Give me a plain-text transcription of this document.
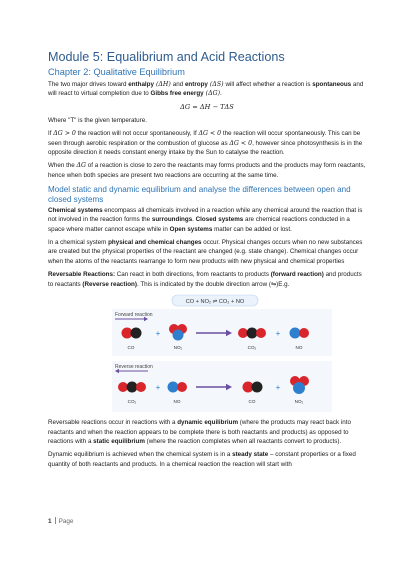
Module 5: Equalibrium and Acid Reactions
Chapter 2: Qualitative Equilibrium

The two major drives toward enthalpy (ΔH) and entropy (ΔS) will affect whether a reaction is spontaneous and will react to virtual completion due to Gibbs free energy (ΔG).

ΔG = ΔH − TΔS

Where "T" is the given temperature.

If ΔG > 0 the reaction will not occur spontaneously, If ΔG < 0 the reaction will occur spontaneously. This can be seen through aerobic respiration or the combustion of glucose as ΔG < 0, however since photosynthesis is in the opposite direction it needs constant energy intake by the Sun to catalyse the reaction.

When the ΔG of a reaction is close to zero the reactants may forms products and the products may form reactants, hence when both species are present two reactions are occurring at the same time.

Model static and dynamic equilibrium and analyse the differences between open and closed systems

Chemical systems encompass all chemicals involved in a reaction while any chemical around the reaction that is not involved in the reaction forms the surroundings. Closed systems are chemical reactions conducted in a space where matter cannot escape while in Open systems matter can be added or lost.

In a chemical system physical and chemical changes occur. Physical changes occurs when no new substances are created but the physical properties of the reactant are changed (e.g. state change). Chemical changes occur when the atoms of the reactants rearrange to form new products with new physical and chemical properties

Reversable Reactions: Can react in both directions, from reactants to products (forward reaction) and products to reactants (Reverse reaction). This is indicated by the double direction arrow (⇋)E.g.

CO + NO₂ ⇌ CO₂ + NO
Forward reaction
CO
+
NO₂	CO₂
+
NO
Reverse reaction
CO₂
+
NO	CO
+
NO₂

Reversable reactions occur in reactions with a dynamic equilibrium (where the products may react back into reactants and when the reaction appears to be complete there is both reactants and products) as opposed to reactions with a static equilibrium (where the reaction completes when all reactants convert to products).

Dynamic equilibrium is achieved when the chemical system is in a steady state – constant properties or a fixed quantity of both reactants and products. In a chemical reaction the reaction will start with

1 Page
